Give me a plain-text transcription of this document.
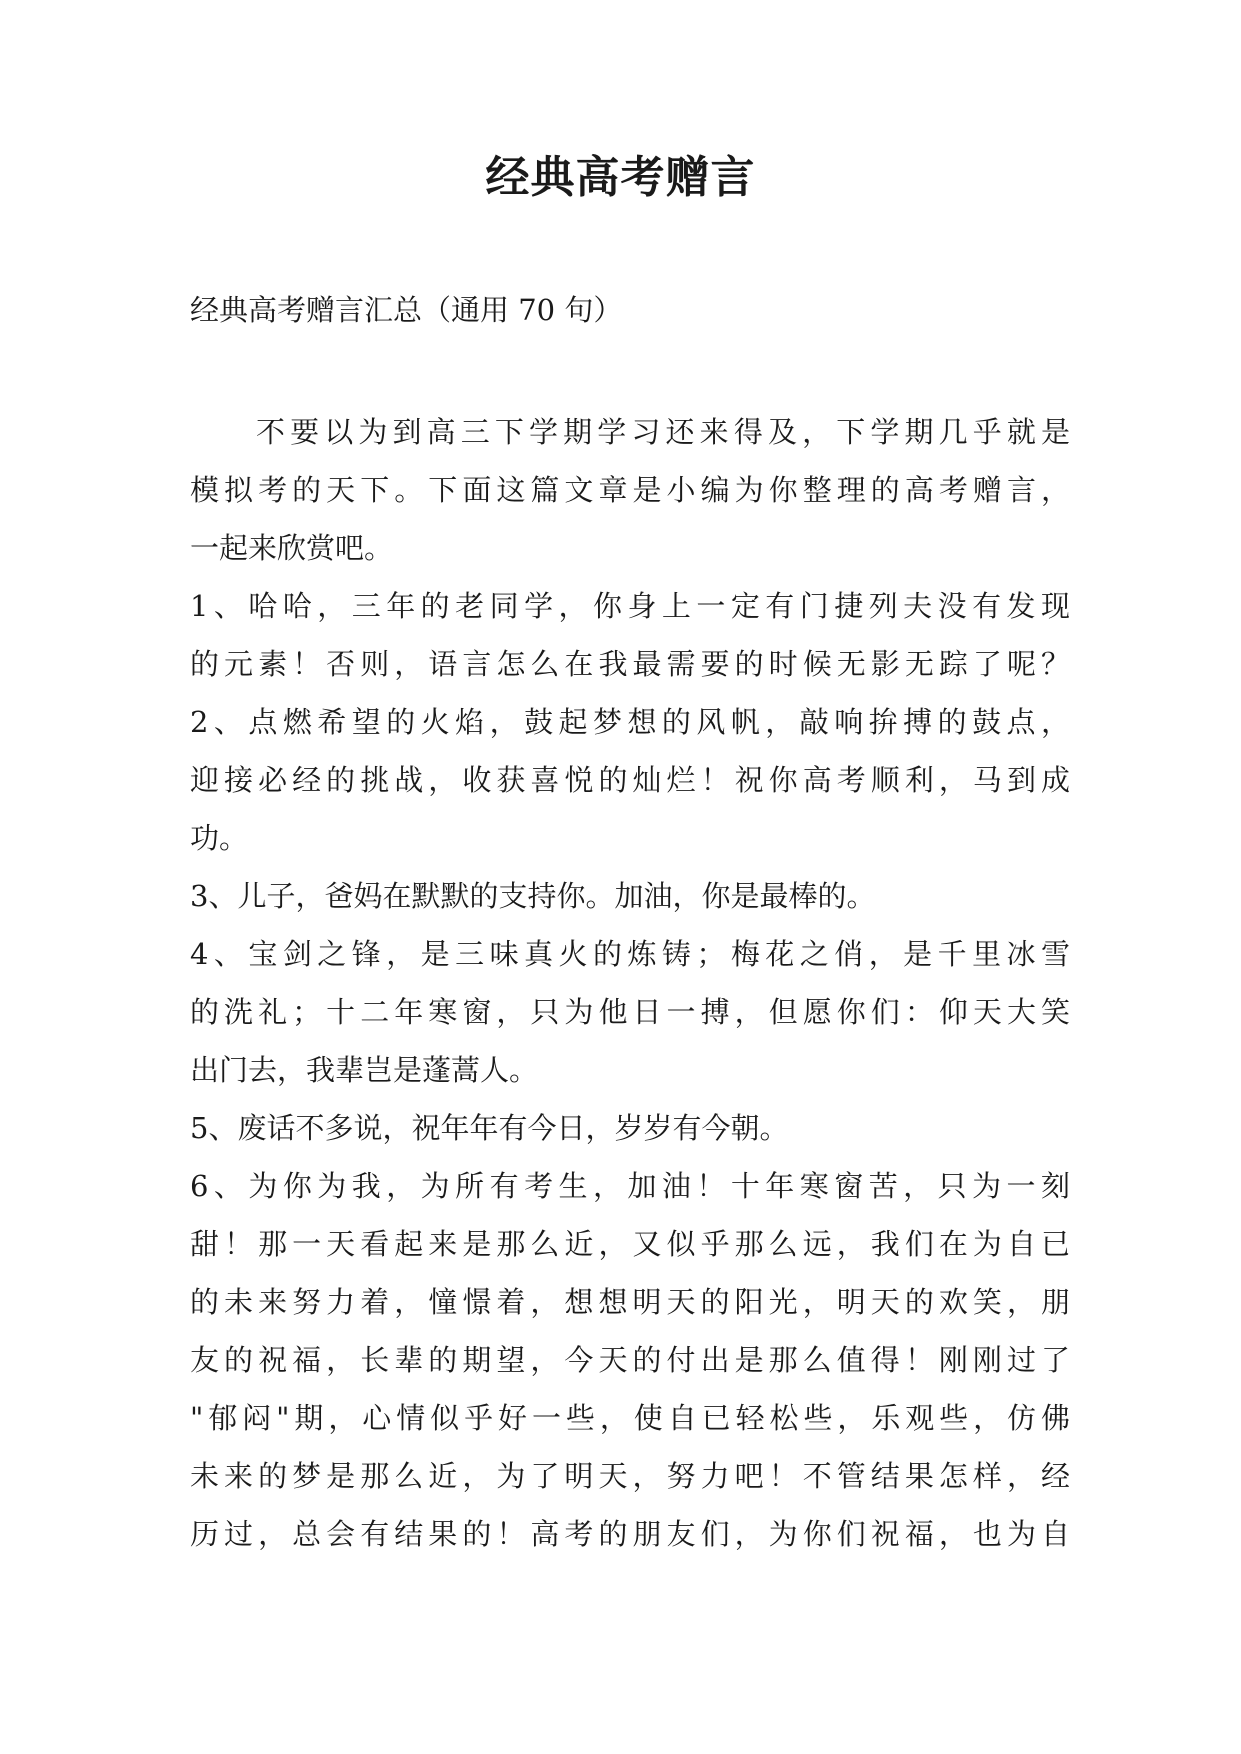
经典高考赠言
经典高考赠言汇总（通用 70 句）
不要以为到高三下学期学习还来得及，下学期几乎就是
模拟考的天下。下面这篇文章是小编为你整理的高考赠言，
一起来欣赏吧。
1、哈哈，三年的老同学，你身上一定有门捷列夫没有发现
的元素！否则，语言怎么在我最需要的时候无影无踪了呢？
2、点燃希望的火焰，鼓起梦想的风帆，敲响拚搏的鼓点，
迎接必经的挑战，收获喜悦的灿烂！祝你高考顺利，马到成
功。
3、儿子，爸妈在默默的支持你。加油，你是最棒的。
4、宝剑之锋，是三味真火的炼铸；梅花之俏，是千里冰雪
的洗礼；十二年寒窗，只为他日一搏，但愿你们：仰天大笑
出门去，我辈岂是蓬蒿人。
5、废话不多说，祝年年有今日，岁岁有今朝。
6、为你为我，为所有考生，加油！十年寒窗苦，只为一刻
甜！那一天看起来是那么近，又似乎那么远，我们在为自已
的未来努力着，憧憬着，想想明天的阳光，明天的欢笑，朋
友的祝福，长辈的期望，今天的付出是那么值得！刚刚过了
"郁闷"期，心情似乎好一些，使自已轻松些，乐观些，仿佛
未来的梦是那么近，为了明天，努力吧！不管结果怎样，经
历过，总会有结果的！高考的朋友们，为你们祝福，也为自
